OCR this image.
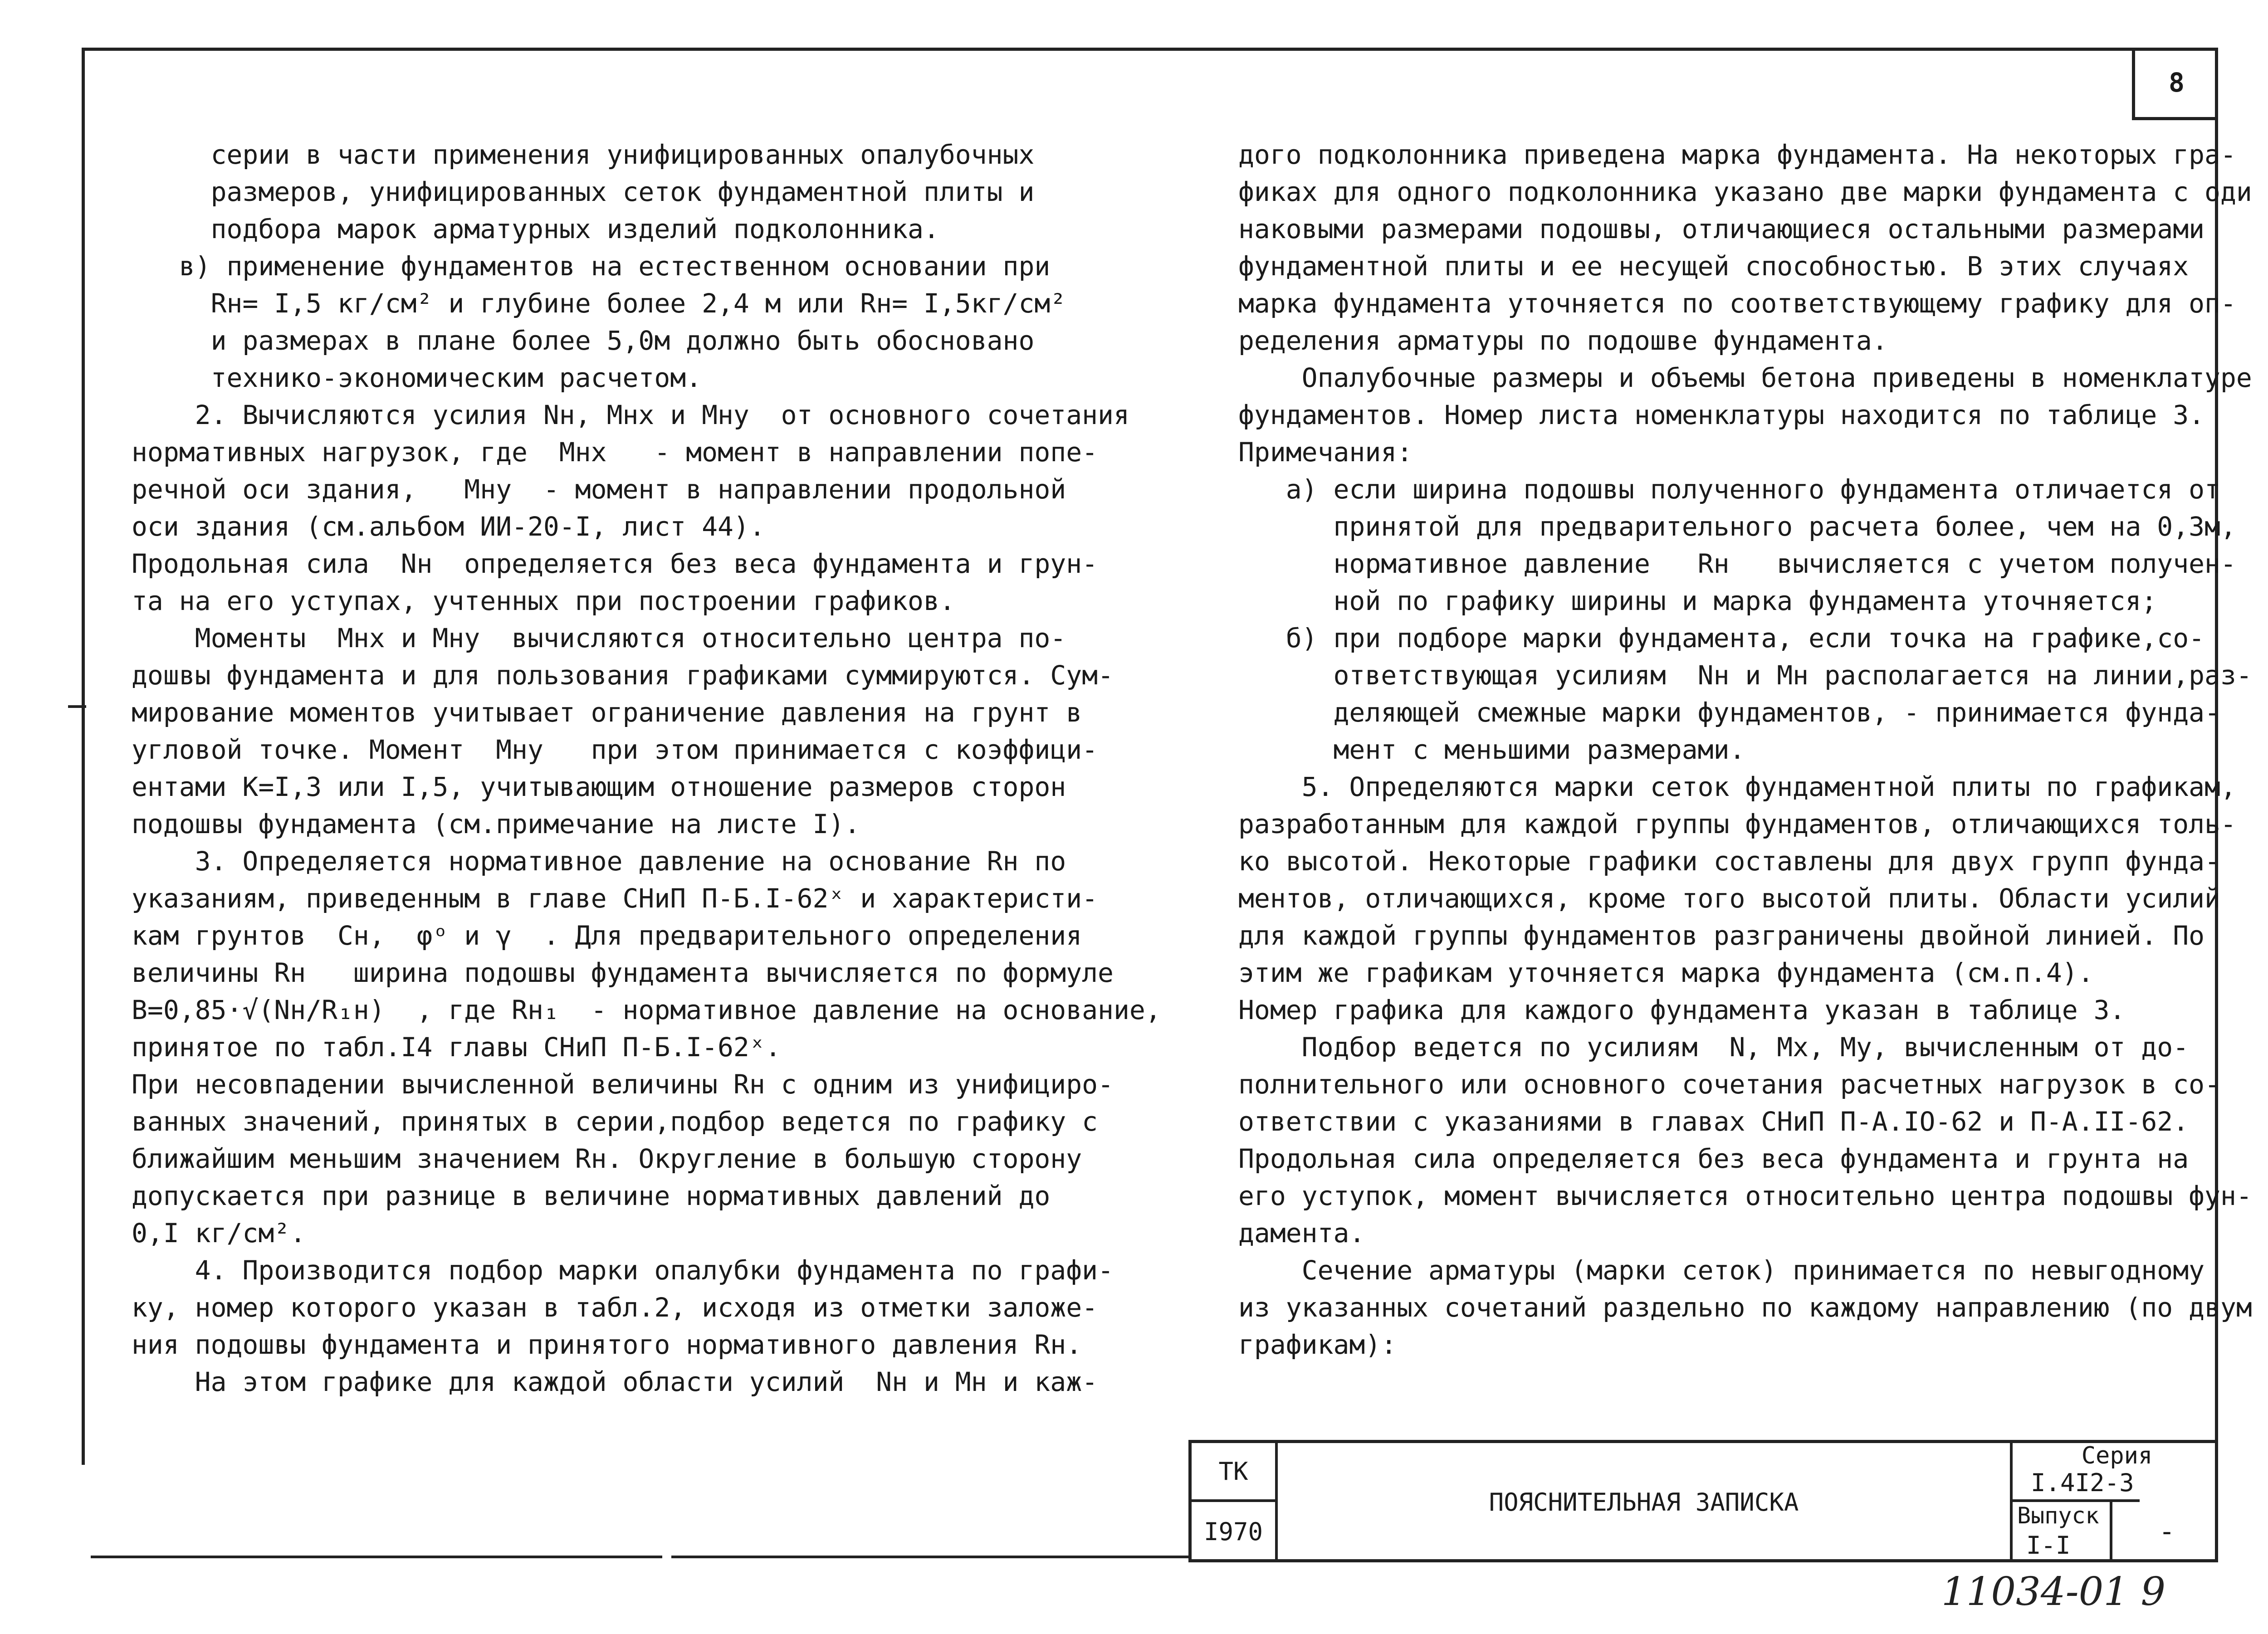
8
серии в части применения унифицированных опалубочных
размеров, унифицированных сеток фундаментной плиты и
подбора марок арматурных изделий подколонника.
в) применение фундаментов на естественном основании при
Rн= I,5 кг/см² и глубине более 2,4 м или Rн= I,5кг/см²
и размерах в плане более 5,0м должно быть обосновано
технико-экономическим расчетом.
2. Вычисляются усилия Nн, Mнx и Mнy  от основного сочетания
нормативных нагрузок, где  Mнx   - момент в направлении попе-
речной оси здания,   Mнy  - момент в направлении продольной
оси здания (см.альбом ИИ-20-I, лист 44).
Продольная сила  Nн  определяется без веса фундамента и грун-
та на его уступах, учтенных при построении графиков.
Моменты  Mнx и Mнy  вычисляются относительно центра по-
дошвы фундамента и для пользования графиками суммируются. Сум-
мирование моментов учитывает ограничение давления на грунт в
угловой точке. Момент  Mнy   при этом принимается с коэффици-
ентами K=I,3 или I,5, учитывающим отношение размеров сторон
подошвы фундамента (см.примечание на листе I).
3. Определяется нормативное давление на основание Rн по
указаниям, приведенным в главе СНиП П-Б.I-62ˣ и характеристи-
кам грунтов  Cн,  φᵒ и γ  . Для предварительного определения
величины Rн   ширина подошвы фундамента вычисляется по формуле
B=0,85·√(Nн/R₁н)  , где Rн₁  - нормативное давление на основание,
принятое по табл.I4 главы СНиП П-Б.I-62ˣ.
При несовпадении вычисленной величины Rн с одним из унифициро-
ванных значений, принятых в серии,подбор ведется по графику с
ближайшим меньшим значением Rн. Округление в большую сторону
допускается при разнице в величине нормативных давлений до
0,I кг/см².
4. Производится подбор марки опалубки фундамента по графи-
ку, номер которого указан в табл.2, исходя из отметки заложе-
ния подошвы фундамента и принятого нормативного давления Rн.
На этом графике для каждой области усилий  Nн и Mн и каж-
дого подколонника приведена марка фундамента. На некоторых гра-
фиках для одного подколонника указано две марки фундамента с оди
наковыми размерами подошвы, отличающиеся остальными размерами
фундаментной плиты и ее несущей способностью. В этих случаях
марка фундамента уточняется по соответствующему графику для оп-
ределения арматуры по подошве фундамента.
Опалубочные размеры и объемы бетона приведены в номенклатуре
фундаментов. Номер листа номенклатуры находится по таблице 3.
Примечания:
а) если ширина подошвы полученного фундамента отличается от
принятой для предварительного расчета более, чем на 0,3м,
нормативное давление   Rн   вычисляется с учетом получен-
ной по графику ширины и марка фундамента уточняется;
б) при подборе марки фундамента, если точка на графике,со-
ответствующая усилиям  Nн и Mн располагается на линии,раз-
деляющей смежные марки фундаментов, - принимается фунда-
мент с меньшими размерами.
5. Определяются марки сеток фундаментной плиты по графикам,
разработанным для каждой группы фундаментов, отличающихся толь-
ко высотой. Некоторые графики составлены для двух групп фунда-
ментов, отличающихся, кроме того высотой плиты. Области усилий
для каждой группы фундаментов разграничены двойной линией. По
этим же графикам уточняется марка фундамента (см.п.4).
Номер графика для каждого фундамента указан в таблице 3.
Подбор ведется по усилиям  N, Mx, My, вычисленным от до-
полнительного или основного сочетания расчетных нагрузок в со-
ответствии с указаниями в главах СНиП П-А.IO-62 и П-А.II-62.
Продольная сила определяется без веса фундамента и грунта на
его уступок, момент вычисляется относительно центра подошвы фун-
дамента.
Сечение арматуры (марки сеток) принимается по невыгодному
из указанных сочетаний раздельно по каждому направлению (по двум
графикам):
ТК
I970
ПОЯСНИТЕЛЬНАЯ ЗАПИСКА
Серия
I.4I2-3
Выпуск
I-I	-
11034-01 9
